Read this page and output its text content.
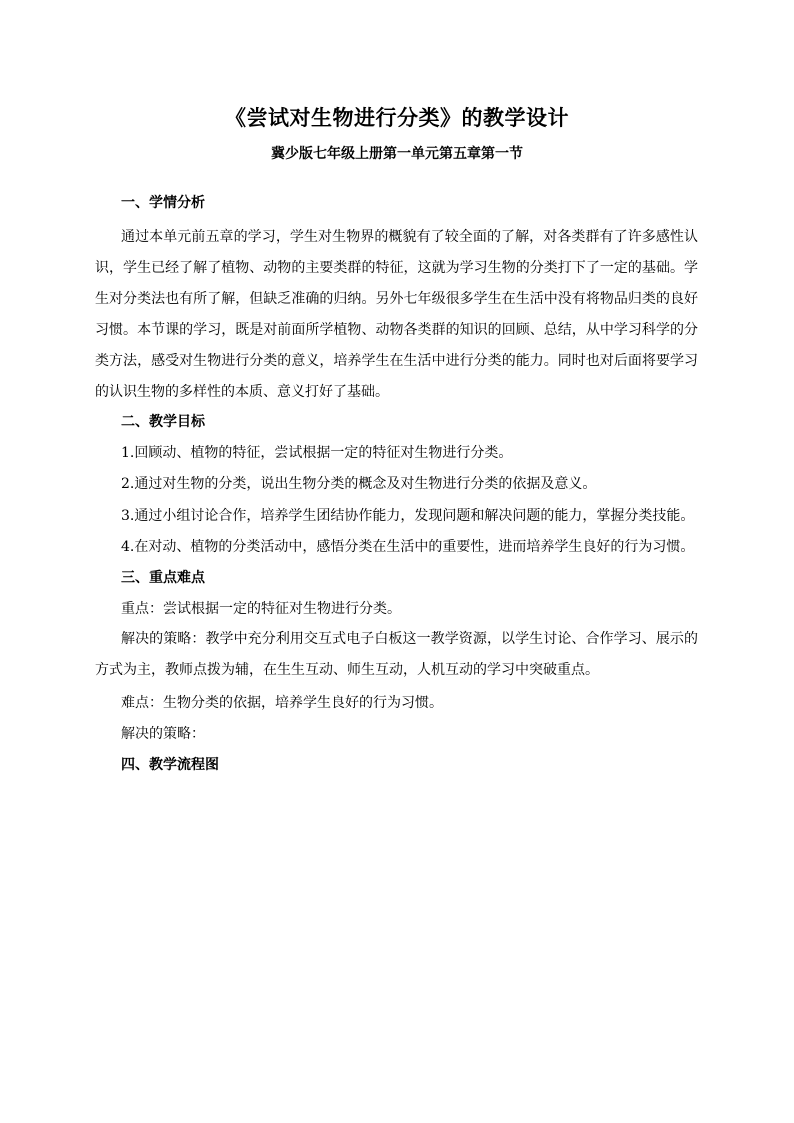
《尝试对生物进行分类》的教学设计
冀少版七年级上册第一单元第五章第一节
一、学情分析

通过本单元前五章的学习，学生对生物界的概貌有了较全面的了解，对各类群有了许多感性认识，学生已经了解了植物、动物的主要类群的特征，这就为学习生物的分类打下了一定的基础。学生对分类法也有所了解，但缺乏准确的归纳。另外七年级很多学生在生活中没有将物品归类的良好习惯。本节课的学习，既是对前面所学植物、动物各类群的知识的回顾、总结，从中学习科学的分类方法，感受对生物进行分类的意义，培养学生在生活中进行分类的能力。同时也对后面将要学习的认识生物的多样性的本质、意义打好了基础。

二、教学目标
1.回顾动、植物的特征，尝试根据一定的特征对生物进行分类。
2.通过对生物的分类，说出生物分类的概念及对生物进行分类的依据及意义。
3.通过小组讨论合作，培养学生团结协作能力，发现问题和解决问题的能力，掌握分类技能。
4.在对动、植物的分类活动中，感悟分类在生活中的重要性，进而培养学生良好的行为习惯。
三、重点难点
重点：尝试根据一定的特征对生物进行分类。

解决的策略：教学中充分利用交互式电子白板这一教学资源，以学生讨论、合作学习、展示的方式为主，教师点拨为辅，在生生互动、师生互动，人机互动的学习中突破重点。

难点：生物分类的依据，培养学生良好的行为习惯。
解决的策略：
四、教学流程图
